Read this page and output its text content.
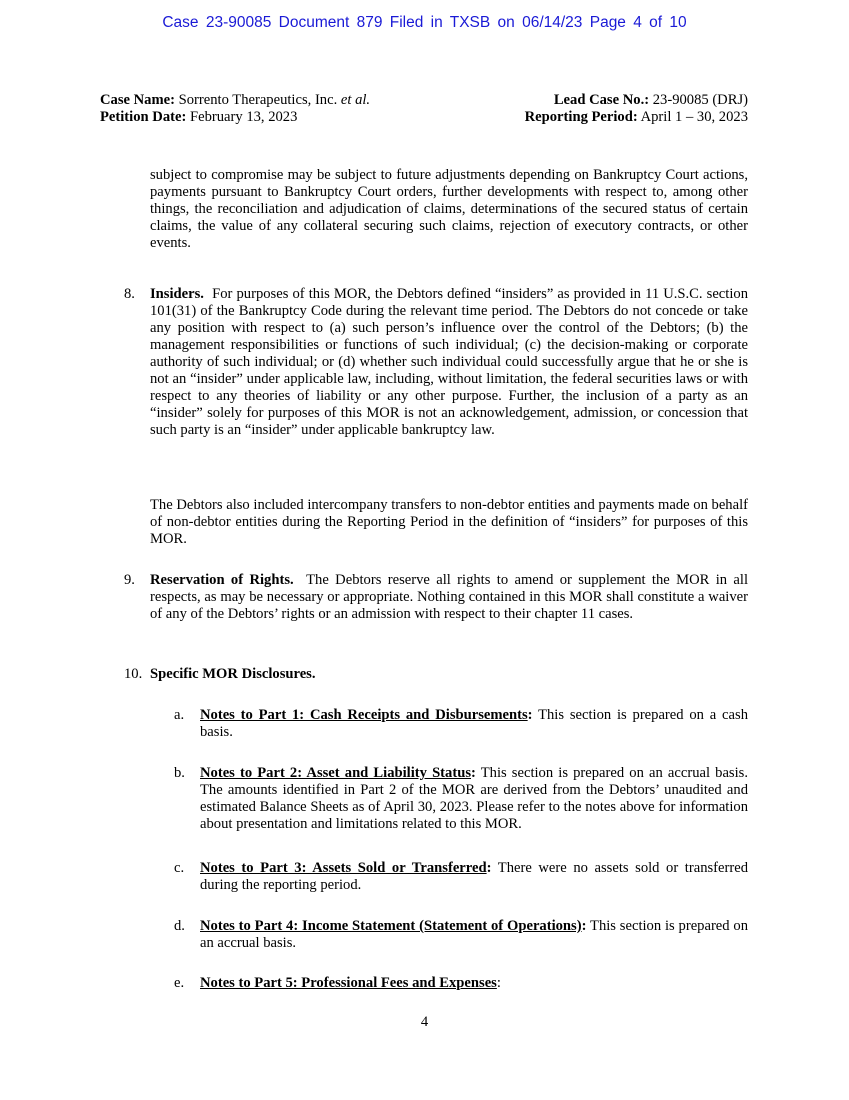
Case 23-90085 Document 879 Filed in TXSB on 06/14/23 Page 4 of 10
Case Name: Sorrento Therapeutics, Inc. et al.	Lead Case No.: 23-90085 (DRJ)
Petition Date: February 13, 2023	Reporting Period: April 1 – 30, 2023
subject to compromise may be subject to future adjustments depending on Bankruptcy Court actions, payments pursuant to Bankruptcy Court orders, further developments with respect to, among other things, the reconciliation and adjudication of claims, determinations of the secured status of certain claims, the value of any collateral securing such claims, rejection of executory contracts, or other events.
8. Insiders. For purposes of this MOR, the Debtors defined “insiders” as provided in 11 U.S.C. section 101(31) of the Bankruptcy Code during the relevant time period. The Debtors do not concede or take any position with respect to (a) such person’s influence over the control of the Debtors; (b) the management responsibilities or functions of such individual; (c) the decision-making or corporate authority of such individual; or (d) whether such individual could successfully argue that he or she is not an “insider” under applicable law, including, without limitation, the federal securities laws or with respect to any theories of liability or any other purpose. Further, the inclusion of a party as an “insider” solely for purposes of this MOR is not an acknowledgement, admission, or concession that such party is an “insider” under applicable bankruptcy law.
The Debtors also included intercompany transfers to non-debtor entities and payments made on behalf of non-debtor entities during the Reporting Period in the definition of “insiders” for purposes of this MOR.
9. Reservation of Rights. The Debtors reserve all rights to amend or supplement the MOR in all respects, as may be necessary or appropriate. Nothing contained in this MOR shall constitute a waiver of any of the Debtors’ rights or an admission with respect to their chapter 11 cases.
10. Specific MOR Disclosures.
a. Notes to Part 1: Cash Receipts and Disbursements: This section is prepared on a cash basis.
b. Notes to Part 2: Asset and Liability Status: This section is prepared on an accrual basis. The amounts identified in Part 2 of the MOR are derived from the Debtors’ unaudited and estimated Balance Sheets as of April 30, 2023. Please refer to the notes above for information about presentation and limitations related to this MOR.
c. Notes to Part 3: Assets Sold or Transferred: There were no assets sold or transferred during the reporting period.
d. Notes to Part 4: Income Statement (Statement of Operations): This section is prepared on an accrual basis.
e. Notes to Part 5: Professional Fees and Expenses:
4
